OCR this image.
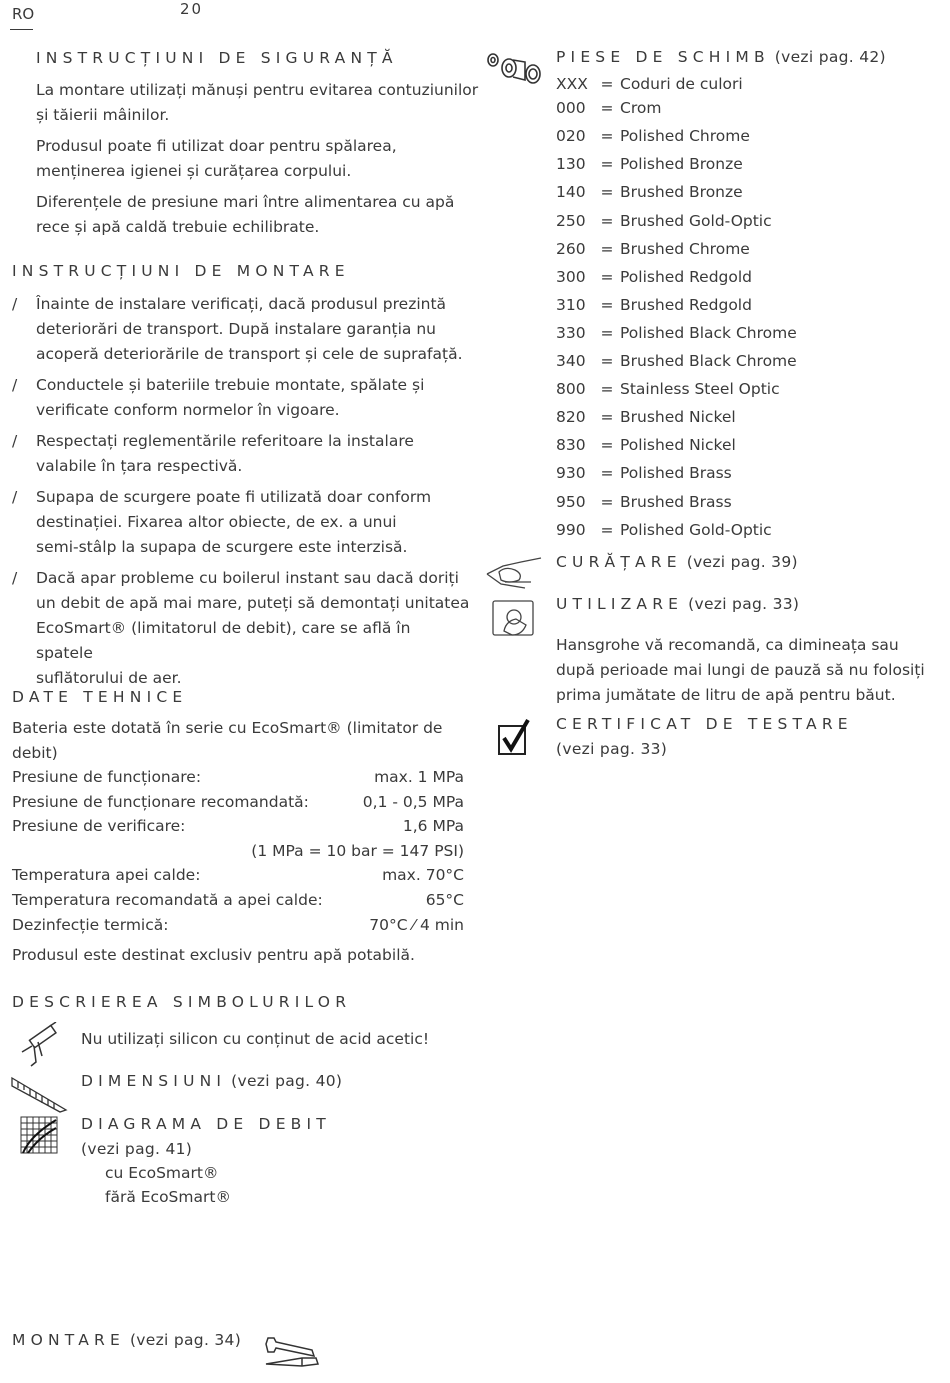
RO	20
INSTRUCȚIUNI DE SIGURANȚĂ
La montare utilizați mănuși pentru evitarea contuziunilor
și tăierii mâinilor.
Produsul poate fi utilizat doar pentru spălarea,
menținerea igienei și curățarea corpului.
Diferențele de presiune mari între alimentarea cu apă
rece și apă caldă trebuie echilibrate.
INSTRUCȚIUNI DE MONTARE
/ Înainte de instalare verificați, dacă produsul prezintă
deteriorări de transport. După instalare garanția nu
acoperă deteriorările de transport și cele de suprafață.
/ Conductele și bateriile trebuie montate, spălate și
verificate conform normelor în vigoare.
/ Respectați reglementările referitoare la instalare
valabile în țara respectivă.
/ Supapa de scurgere poate fi utilizată doar conform
destinației. Fixarea altor obiecte, de ex. a unui
semi-stâlp la supapa de scurgere este interzisă.
/ Dacă apar probleme cu boilerul instant sau dacă doriți
un debit de apă mai mare, puteți să demontați unitatea
EcoSmart® (limitatorul de debit), care se află în spatele
suflătorului de aer.
DATE TEHNICE
Bateria este dotată în serie cu EcoSmart® (limitator de
debit)
Presiune de funcționare:	max. 1 MPa
Presiune de funcționare recomandată:	0,1 - 0,5 MPa
Presiune de verificare:	1,6 MPa
(1 MPa = 10 bar = 147 PSI)
Temperatura apei calde:	max. 70°C
Temperatura recomandată a apei calde:	65°C
Dezinfecție termică:	70°C ⁄ 4 min
Produsul este destinat exclusiv pentru apă potabilă.
DESCRIEREA SIMBOLURILOR
Nu utilizați silicon cu conținut de acid acetic!
DIMENSIUNI (vezi pag. 40)
DIAGRAMA DE DEBIT
(vezi pag. 41)
cu EcoSmart®
fără EcoSmart®
MONTARE (vezi pag. 34)
PIESE DE SCHIMB (vezi pag. 42)
XXX = Coduri de culori
000 = Crom
020 = Polished Chrome
130 = Polished Bronze
140 = Brushed Bronze
250 = Brushed Gold-Optic
260 = Brushed Chrome
300 = Polished Redgold
310 = Brushed Redgold
330 = Polished Black Chrome
340 = Brushed Black Chrome
800 = Stainless Steel Optic
820 = Brushed Nickel
830 = Polished Nickel
930 = Polished Brass
950 = Brushed Brass
990 = Polished Gold-Optic
CURĂȚARE (vezi pag. 39)
UTILIZARE (vezi pag. 33)
Hansgrohe vă recomandă, ca dimineața sau
după perioade mai lungi de pauză să nu folosiți
prima jumătate de litru de apă pentru băut.
CERTIFICAT DE TESTARE
(vezi pag. 33)
